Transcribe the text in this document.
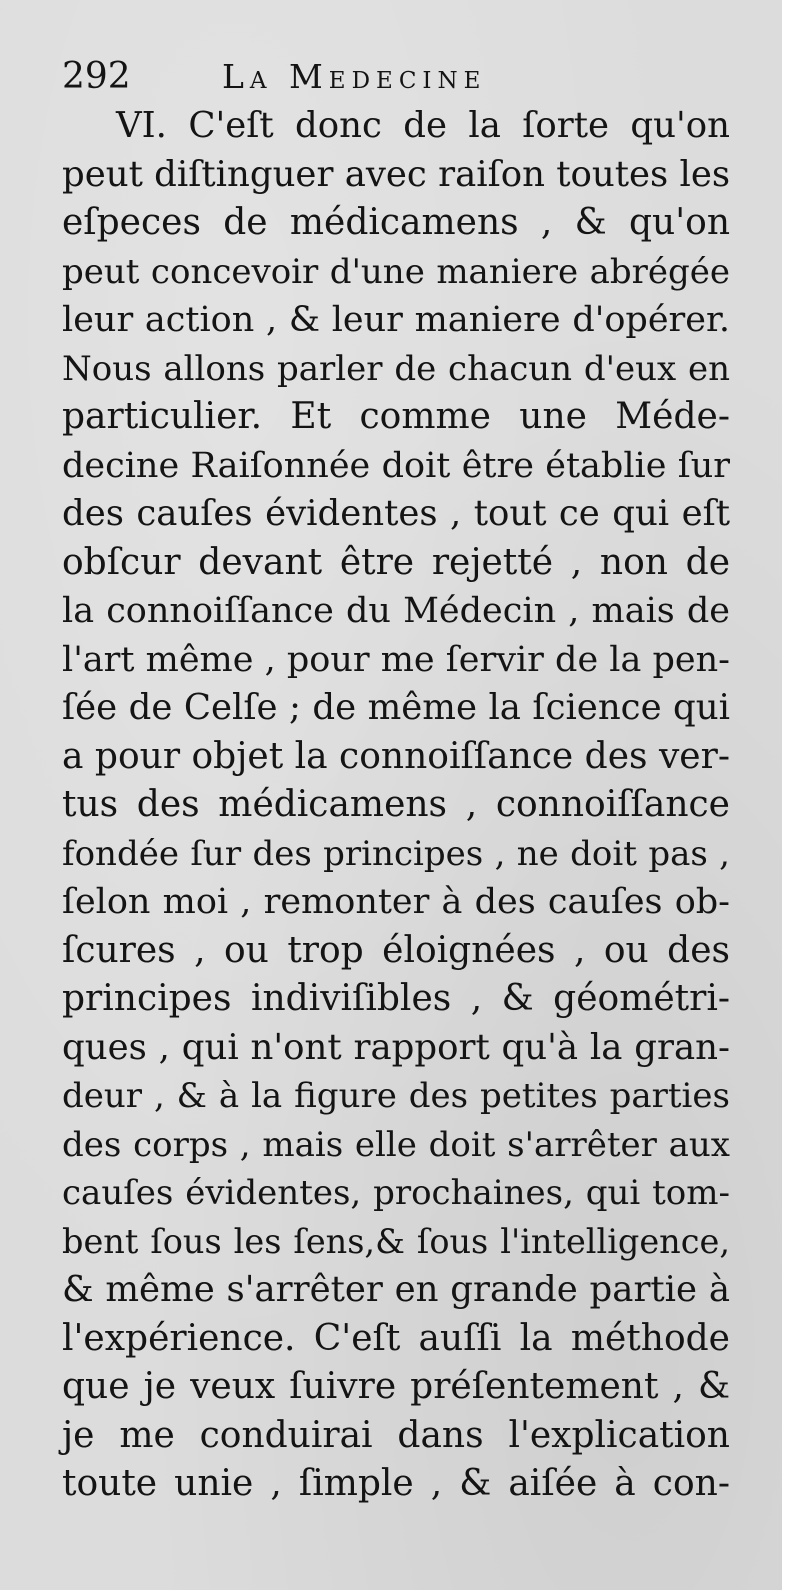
292	La Medecine
VI. C'eſt donc de la ſorte qu'on
peut diſtinguer avec raiſon toutes les
eſpeces de médicamens , & qu'on
peut concevoir d'une maniere abrégée
leur action , & leur maniere d'opérer.
Nous allons parler de chacun d'eux en
particulier. Et comme une Méde-
decine Raiſonnée doit être établie ſur
des cauſes évidentes , tout ce qui eſt
obſcur devant être rejetté , non de
la connoiſſance du Médecin , mais de
l'art même , pour me ſervir de la pen-
ſée de Celſe ; de même la ſcience qui
a pour objet la connoiſſance des ver-
tus des médicamens , connoiſſance
fondée ſur des principes , ne doit pas ,
ſelon moi , remonter à des cauſes ob-
ſcures , ou trop éloignées , ou des
principes indiviſibles , & géométri-
ques , qui n'ont rapport qu'à la gran-
deur , & à la figure des petites parties
des corps , mais elle doit s'arrêter aux
cauſes évidentes, prochaines, qui tom-
bent ſous les ſens,& ſous l'intelligence,
& même s'arrêter en grande partie à
l'expérience. C'eſt auſſi la méthode
que je veux ſuivre préſentement , &
je me conduirai dans l'explication
toute unie , ſimple , & aiſée à con-
